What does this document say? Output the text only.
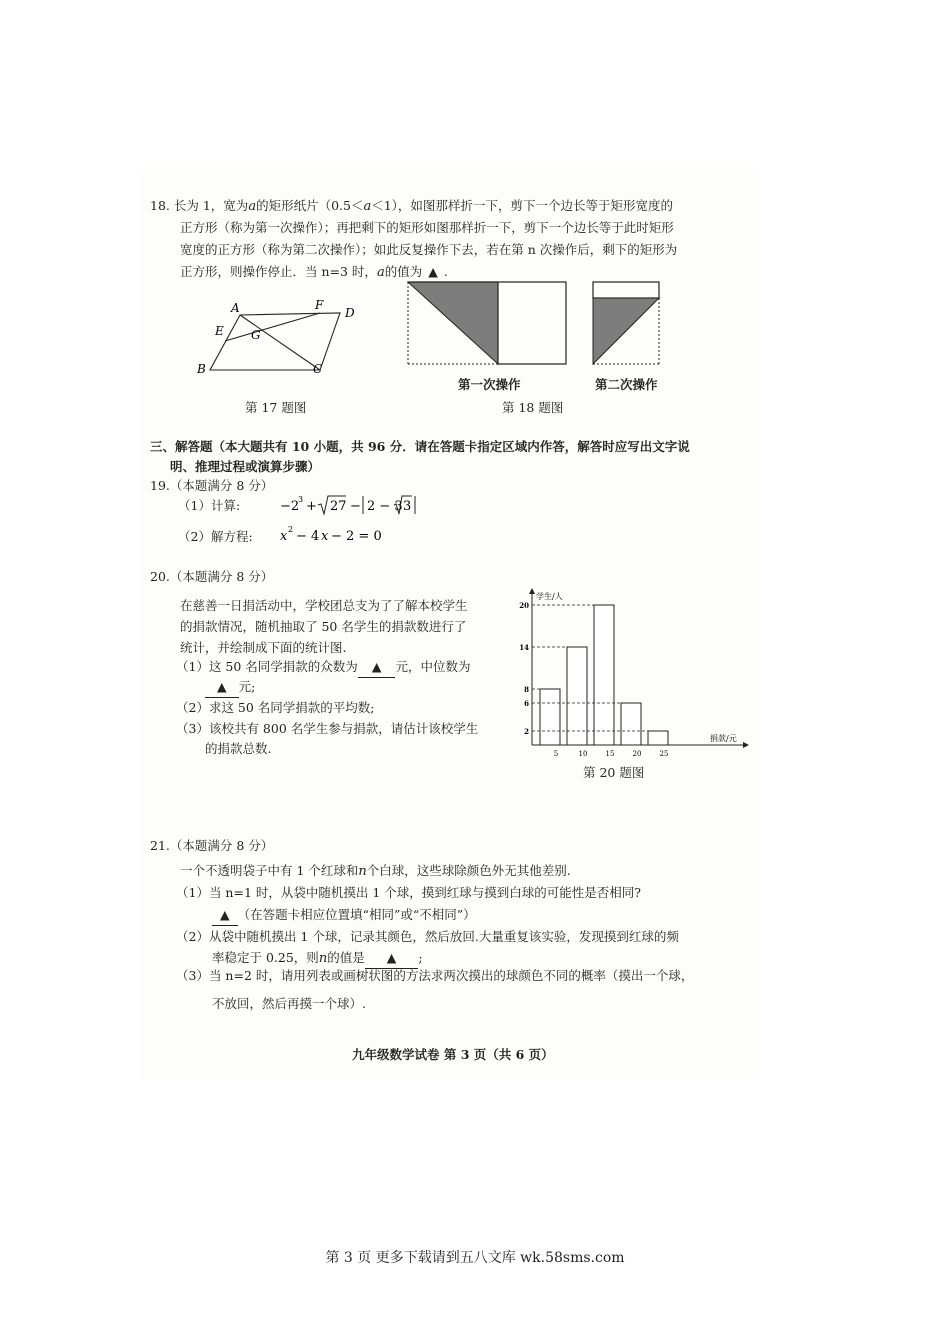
18. 长为 1，宽为a的矩形纸片（0.5＜a＜1），如图那样折一下，剪下一个边长等于矩形宽度的
正方形（称为第一次操作）；再把剩下的矩形如图那样折一下，剪下一个边长等于此时矩形
宽度的正方形（称为第二次操作）；如此反复操作下去，若在第 n 次操作后，剩下的矩形为
正方形，则操作停止．当 n=3 时，a的值为 ▲ .
A	F
D
E G
B	C
第 17 题图
第一次操作	第二次操作
第 18 题图
三、解答题（本大题共有 10 小题，共 96 分．请在答题卡指定区域内作答，解答时应写出文字说
明、推理过程或演算步骤）
19.（本题满分 8 分）
（1）计算:	−2
3 + 27 − 2 − 3 3
（2）解方程: x 2 − 4 x − 2 = 0
20.（本题满分 8 分）
在慈善一日捐活动中，学校团总支为了了解本校学生
的捐款情况，随机抽取了 50 名学生的捐款数进行了
统计，并绘制成下面的统计图.
（1）这 50 名同学捐款的众数为 ▲ 元，中位数为
▲ 元;
（2）求这 50 名同学捐款的平均数;
（3）该校共有 800 名学生参与捐款，请估计该校学生
的捐款总数.
学生/人
捐款/元
5	10	15	20	25
2
6
8
14
20
第 20 题图
21.（本题满分 8 分）
一个不透明袋子中有 1 个红球和n个白球，这些球除颜色外无其他差别.
（1）当 n=1 时，从袋中随机摸出 1 个球，摸到红球与摸到白球的可能性是否相同?
▲ （在答题卡相应位置填“相同”或“不相同”）
（2）从袋中随机摸出 1 个球，记录其颜色，然后放回.大量重复该实验，发现摸到红球的频
率稳定于 0.25，则n的值是 ▲ ;
（3）当 n=2 时，请用列表或画树状图的方法求两次摸出的球颜色不同的概率（摸出一个球，
不放回，然后再摸一个球）.
九年级数学试卷 第 3 页（共 6 页）
第 3 页 更多下载请到五八文库 wk.58sms.com
